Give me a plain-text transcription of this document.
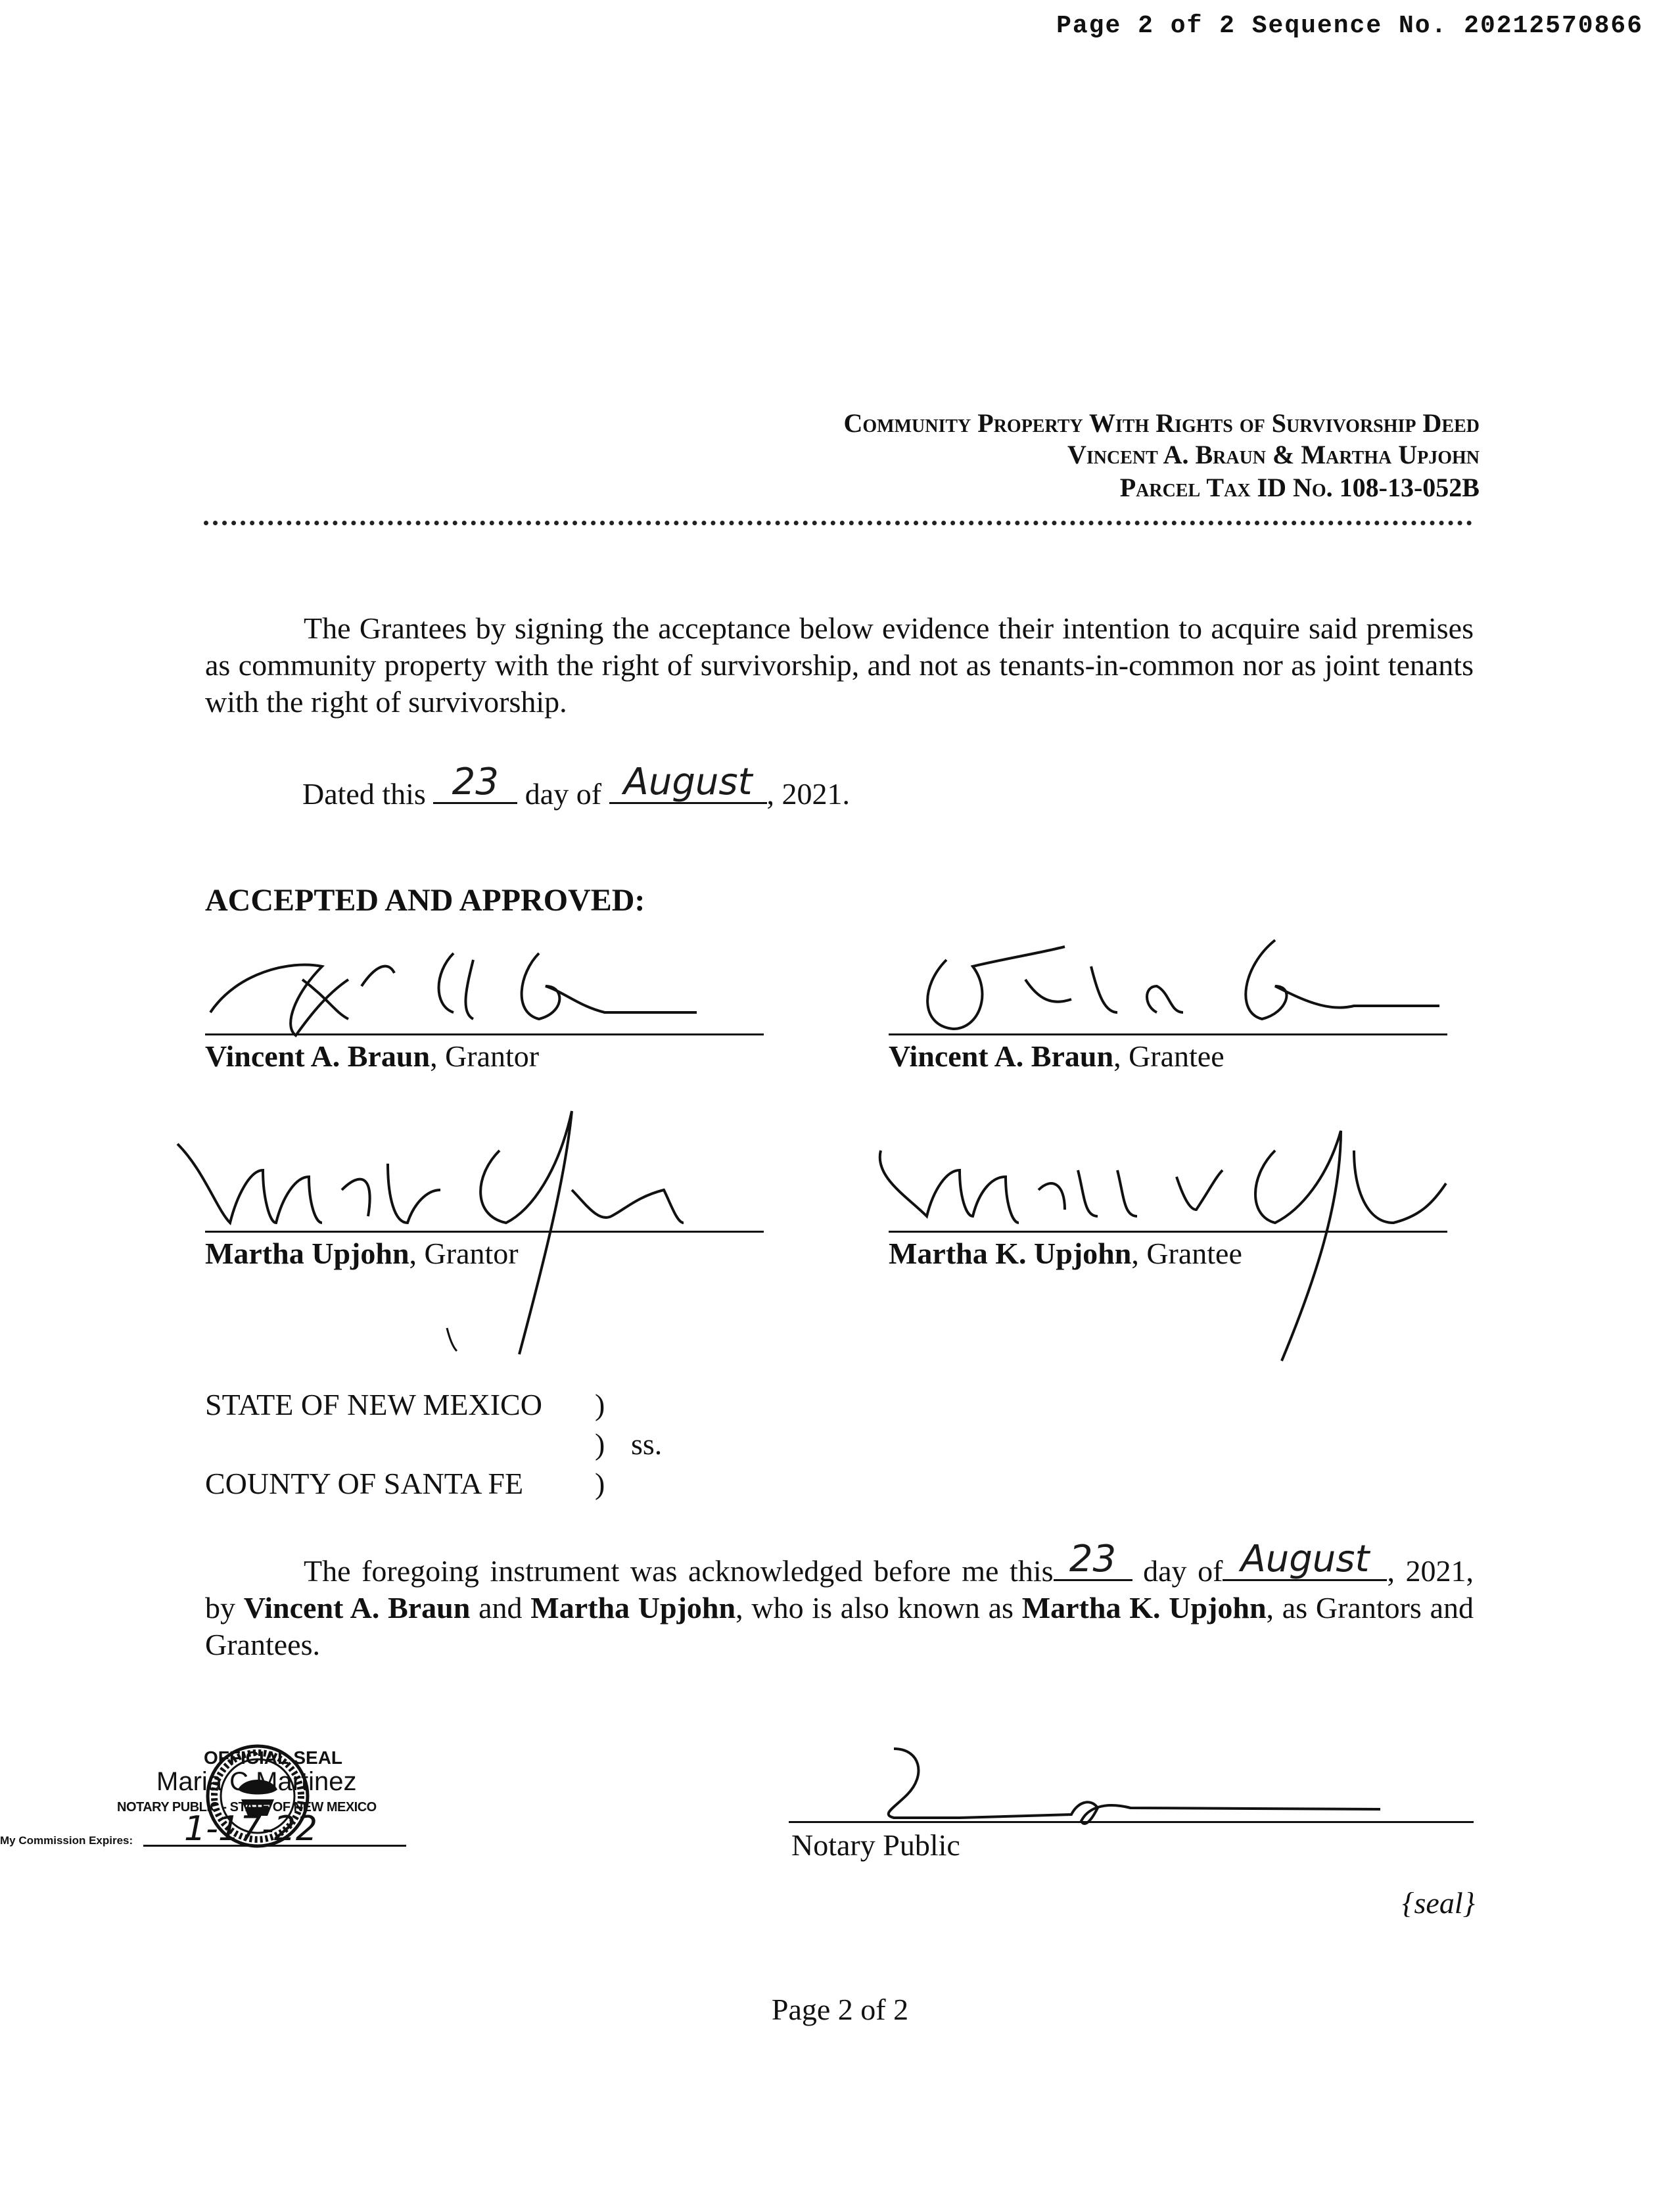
Page 2 of 2 Sequence No. 20212570866
Community Property With Rights of Survivorship Deed
Vincent A. Braun & Martha Upjohn
Parcel Tax ID No. 108-13-052B
The Grantees by signing the acceptance below evidence their intention to acquire said premises as community property with the right of survivorship, and not as tenants-in-common nor as joint tenants with the right of survivorship.
Dated this 23 day of August , 2021.
ACCEPTED AND APPROVED:
Vincent A. Braun, Grantor	Vincent A. Braun, Grantee
Martha Upjohn, Grantor	Martha K. Upjohn, Grantee
STATE OF NEW MEXICO )
) ss.
COUNTY OF SANTA FE )
The foregoing instrument was acknowledged before me this 23 day of August , 2021, by Vincent A. Braun and Martha Upjohn, who is also known as Martha K. Upjohn, as Grantors and Grantees.
OFFICIAL SEAL
Maria C Martinez
NOTARY PUBLIC - STATE OF NEW MEXICO
My Commission Expires: 1-17-22	Notary Public
{seal}
Page 2 of 2
